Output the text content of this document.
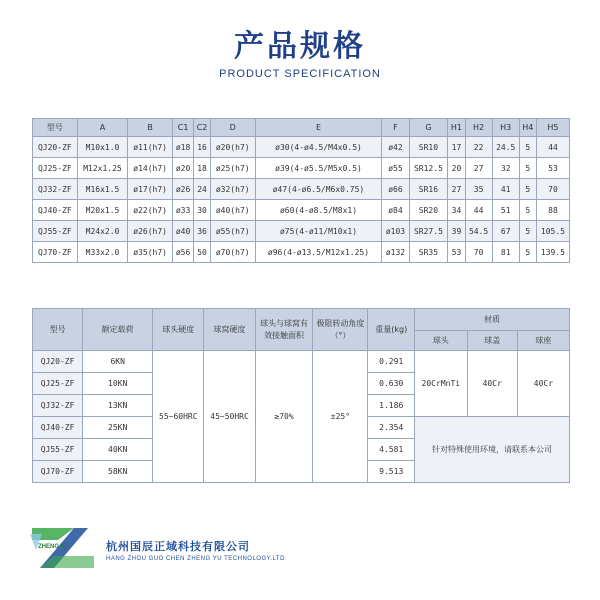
产品规格
PRODUCT SPECIFICATION
型号	A	B	C1	C2	D	E	F	G	H1	H2	H3	H4	H5
QJ20-ZF	M10x1.0	ø11(h7)	ø18	16	ø20(h7)	ø30(4-ø4.5/M4x0.5)	ø42	SR10	17	22	24.5	5	44
QJ25-ZF	M12x1.25	ø14(h7)	ø20	18	ø25(h7)	ø39(4-ø5.5/M5x0.5)	ø55	SR12.5	20	27	32	5	53
QJ32-ZF	M16x1.5	ø17(h7)	ø26	24	ø32(h7)	ø47(4-ø6.5/M6x0.75)	ø66	SR16	27	35	41	5	70
QJ40-ZF	M20x1.5	ø22(h7)	ø33	30	ø40(h7)	ø60(4-ø8.5/M8x1)	ø84	SR20	34	44	51	5	88
QJ55-ZF	M24x2.0	ø26(h7)	ø40	36	ø55(h7)	ø75(4-ø11/M10x1)	ø103	SR27.5	39	54.5	67	5	105.5
QJ70-ZF	M33x2.0	ø35(h7)	ø56	50	ø70(h7)	ø96(4-ø13.5/M12x1.25)	ø132	SR35	53	70	81	5	139.5
型号	额定载荷	球头硬度	球窝硬度	球头与球窝有效接触面积	极限转动角度（°）	重量(kg)	材质		
							球头	球盖	球座
QJ20-ZF	6KN	55~60HRC	45~50HRC	≥70%	±25°	0.291	20CrMnTi	40Cr	40Cr
QJ25-ZF	10KN					0.630			
QJ32-ZF	13KN					1.186			
QJ40-ZF	25KN					2.354	针对特殊使用环境，请联系本公司		
QJ55-ZF	40KN					4.581			
QJ70-ZF	58KN					9.513			
ZHENG YU	杭州国辰正域科技有限公司
HANG ZHOU GUO CHEN ZHENG YU TECHNOLOGY.LTD
